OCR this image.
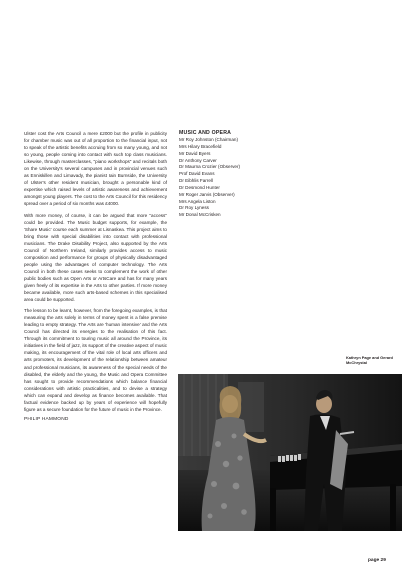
Ulster cost the Arts Council a mere £2000 but the profile in publicity for chamber music was out of all proportion to the financial input, not to speak of the artistic benefits accruing from so many young, and not so young, people coming into contact with such top class musicians. Likewise, through masterclasses, "piano workshops" and recitals both on the University's several campuses and in provincial venues such as Enniskillen and Limavady, the pianist Iain Burnside, the University of Ulster's other resident musician, brought a personable kind of expertise which raised levels of artistic awareness and achievement amongst young players. The cost to the Arts Council for this residency spread over a period of six months was £4000.

With more money, of course, it can be argued that more "access" could be provided. The Music budget supports, for example, the 'Share Music' course each summer at Lisnaskea. This project aims to bring those with special disabilities into contact with professional musicians. The Drake Disability Project, also supported by the Arts Council of Northern Ireland, similarly provides access to music composition and performance for groups of physically disadvantaged people using the advantages of computer technology. The Arts Council in both these cases seeks to complement the work of other public bodies such as Open Arts or ArtsCare and has for many years given freely of its expertise in the Arts to other parties. If more money became available, more such arts-based schemes in this specialised area could be supported.

The lesson to be learnt, however, from the foregoing examples, is that measuring the arts solely in terms of money spent is a false premise leading to empty strategy. The Arts are 'human intensive' and the Arts Council has directed its energies to the realisation of this fact. Through its commitment to touring music all around the Province, its initiatives in the field of jazz, its support of the creative aspect of music making, its encouragement of the vital role of local arts officers and arts promoters, its development of the relationship between amateur and professional musicians, its awareness of the special needs of the disabled, the elderly and the young, the Music and Opera Committee has sought to provide recommendations which balance financial considerations with artistic practicalities, and to devise a strategy which can expand and develop as finance becomes available. That factual evidence backed up by years of experience will hopefully figure as a secure foundation for the future of music in the Province.

PHILIP HAMMOND
MUSIC AND OPERA
Mr Roy Johnston (Chairman)
Mrs Hilary Bracefield
Mr David Byers
Dr Anthony Carver
Dr Maurna Crozier (Observer)
Prof David Evans
Dr Eibhlis Farrell
Dr Desmond Hunter
Mr Roger Jarvis (Observer)
Mrs Angela Liston
Dr Roy Lyness
Mr Donal McCrisken
Kathryn Page and Gerard McChrystal
page 29
